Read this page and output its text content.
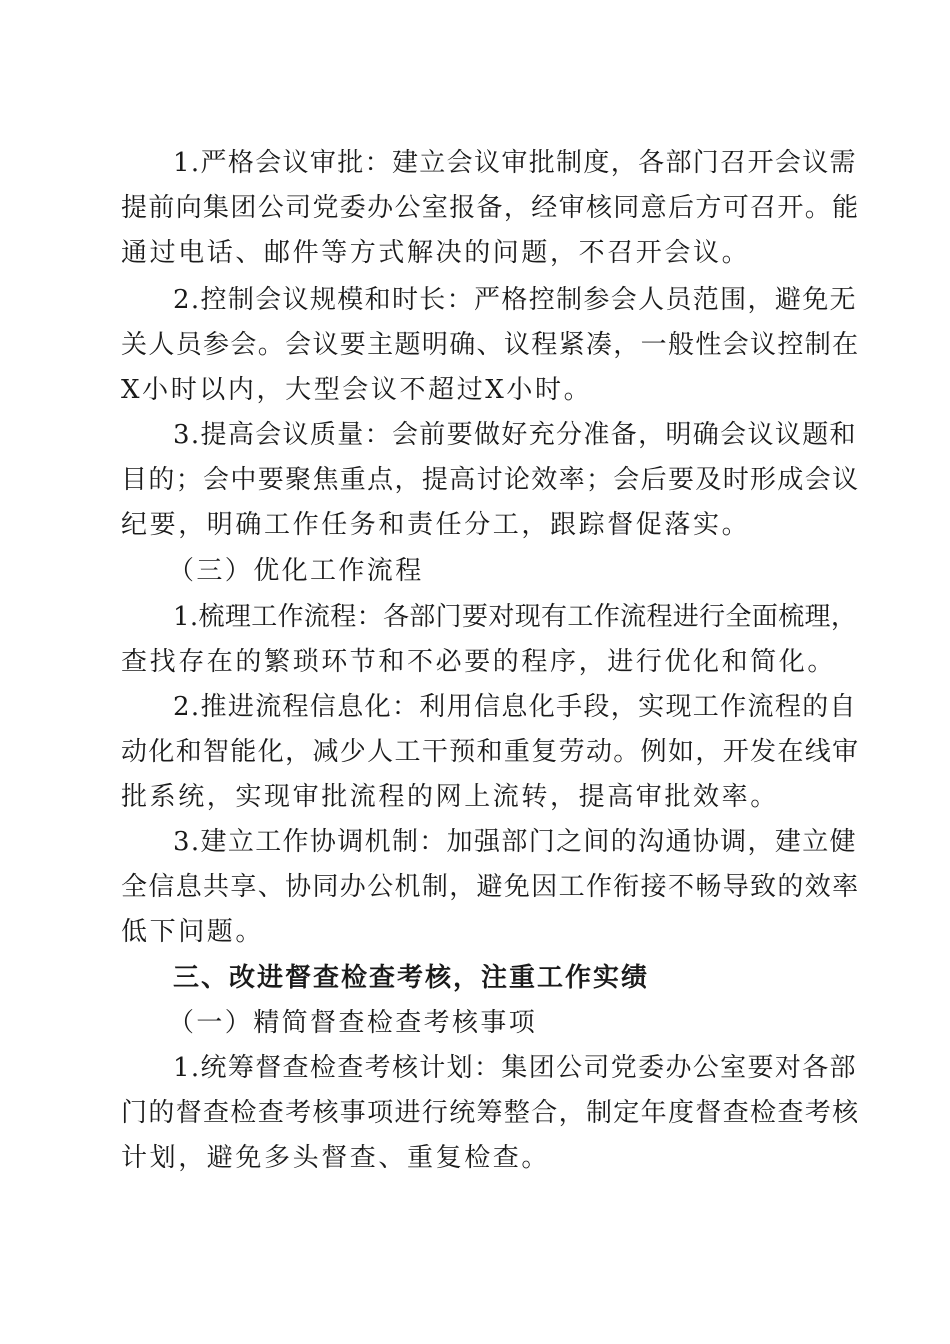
1.严格会议审批：建立会议审批制度，各部门召开会议需

提前向集团公司党委办公室报备，经审核同意后方可召开。能

通过电话、邮件等方式解决的问题，不召开会议。

2.控制会议规模和时长：严格控制参会人员范围，避免无

关人员参会。会议要主题明确、议程紧凑，一般性会议控制在

X小时以内，大型会议不超过X小时。

3.提高会议质量：会前要做好充分准备，明确会议议题和

目的；会中要聚焦重点，提高讨论效率；会后要及时形成会议

纪要，明确工作任务和责任分工，跟踪督促落实。

（三）优化工作流程

1.梳理工作流程：各部门要对现有工作流程进行全面梳理，

查找存在的繁琐环节和不必要的程序，进行优化和简化。

2.推进流程信息化：利用信息化手段，实现工作流程的自

动化和智能化，减少人工干预和重复劳动。例如，开发在线审

批系统，实现审批流程的网上流转，提高审批效率。

3.建立工作协调机制：加强部门之间的沟通协调，建立健

全信息共享、协同办公机制，避免因工作衔接不畅导致的效率

低下问题。

三、改进督查检查考核，注重工作实绩

（一）精简督查检查考核事项

1.统筹督查检查考核计划：集团公司党委办公室要对各部

门的督查检查考核事项进行统筹整合，制定年度督查检查考核

计划，避免多头督查、重复检查。
